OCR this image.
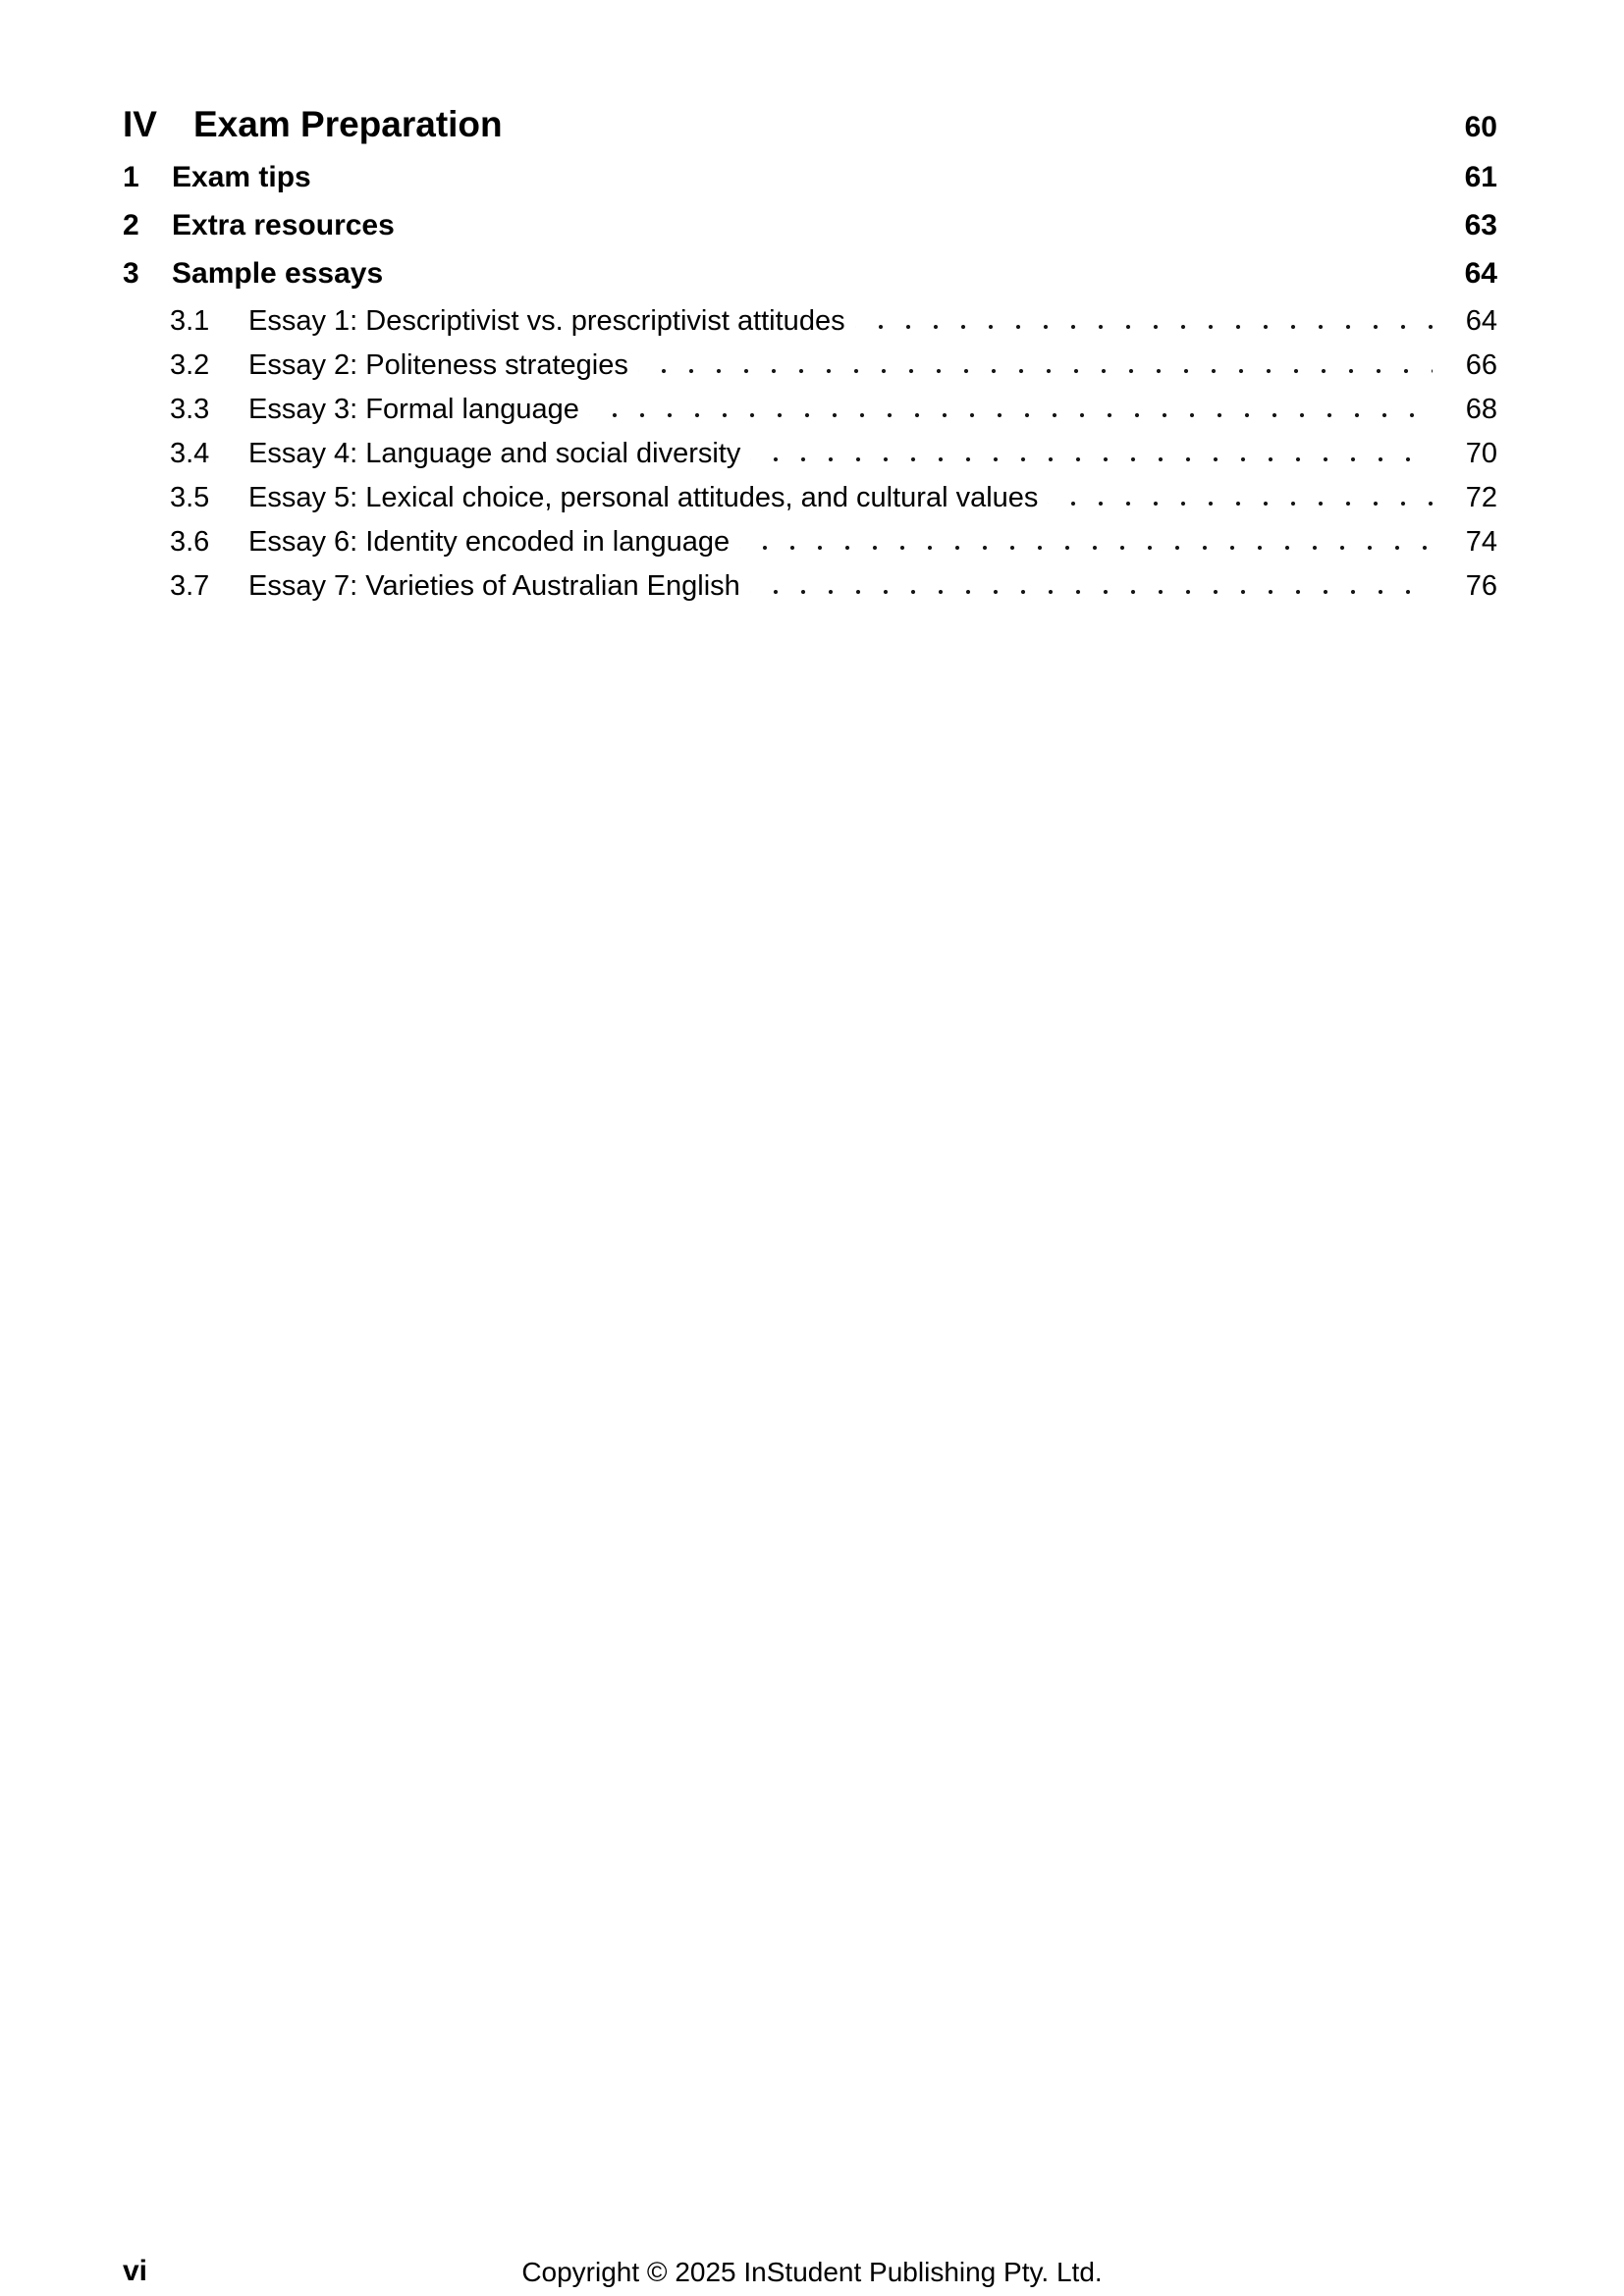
IV	Exam Preparation	60
1	Exam tips	61
2	Extra resources	63
3	Sample essays	64
3.1	Essay 1: Descriptivist vs. prescriptivist attitudes	64
3.2	Essay 2: Politeness strategies	66
3.3	Essay 3: Formal language	68
3.4	Essay 4: Language and social diversity	70
3.5	Essay 5: Lexical choice, personal attitudes, and cultural values	72
3.6	Essay 6: Identity encoded in language	74
3.7	Essay 7: Varieties of Australian English	76
Copyright © 2025 InStudent Publishing Pty. Ltd.
vi
